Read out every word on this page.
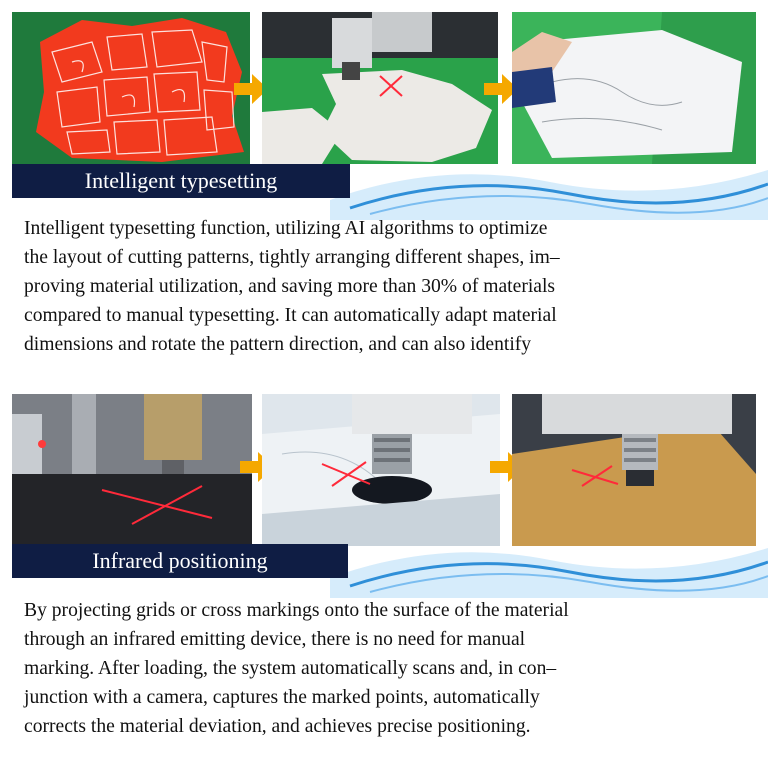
Intelligent typesetting

Intelligent typesetting function, utilizing AI algorithms to optimize
the layout of cutting patterns, tightly arranging different shapes, im–
proving material utilization, and saving more than 30% of materials
compared to manual typesetting. It can automatically adapt material
dimensions and rotate the pattern direction, and can also identify

Infrared positioning

By projecting grids or cross markings onto the surface of the material
through an infrared emitting device, there is no need for manual
marking. After loading, the system automatically scans and, in con–
junction with a camera, captures the marked points, automatically
corrects the material deviation, and achieves precise positioning.
